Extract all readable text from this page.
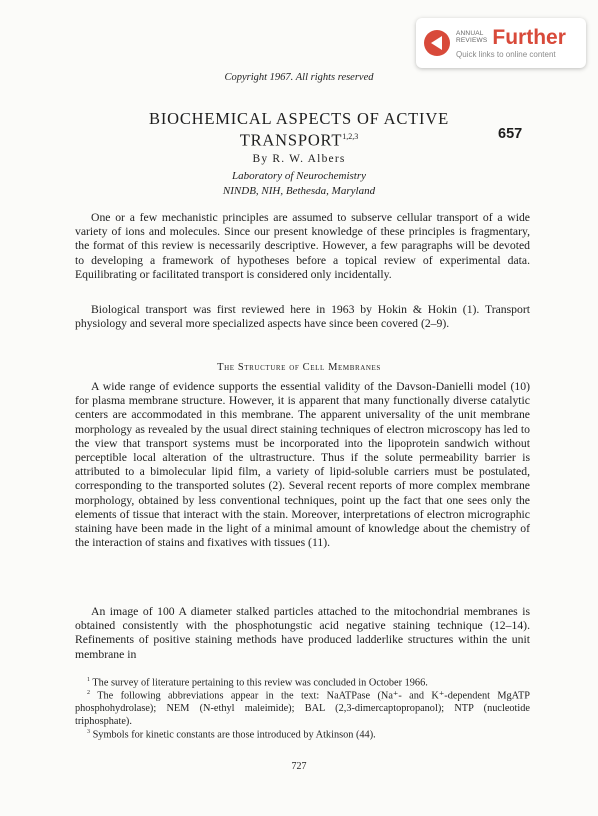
ANNUAL
REVIEWS Further
Quick links to online content
Copyright 1967. All rights reserved
BIOCHEMICAL ASPECTS OF ACTIVE
TRANSPORT$^{1,2,3}$	657
By R. W. Albers
Laboratory of Neurochemistry
NINDB, NIH, Bethesda, Maryland

One or a few mechanistic principles are assumed to subserve cellular transport of a wide variety of ions and molecules. Since our present knowledge of these principles is fragmentary, the format of this review is necessarily descriptive. However, a few paragraphs will be devoted to developing a framework of hypotheses before a topical review of experimental data. Equilibrating or facilitated transport is considered only incidentally.

Biological transport was first reviewed here in 1963 by Hokin & Hokin (1). Transport physiology and several more specialized aspects have since been covered (2–9).

The Structure of Cell Membranes

A wide range of evidence supports the essential validity of the Davson-Danielli model (10) for plasma membrane structure. However, it is apparent that many functionally diverse catalytic centers are accommodated in this membrane. The apparent universality of the unit membrane morphology as revealed by the usual direct staining techniques of electron microscopy has led to the view that transport systems must be incorporated into the lipoprotein sandwich without perceptible local alteration of the ultrastructure. Thus if the solute permeability barrier is attributed to a bimolecular lipid film, a variety of lipid-soluble carriers must be postulated, corresponding to the transported solutes (2). Several recent reports of more complex membrane morphology, obtained by less conventional techniques, point up the fact that one sees only the elements of tissue that interact with the stain. Moreover, interpretations of electron micrographic staining have been made in the light of a minimal amount of knowledge about the chemistry of the interaction of stains and fixatives with tissues (11).

An image of 100 A diameter stalked particles attached to the mitochondrial membranes is obtained consistently with the phosphotungstic acid negative staining technique (12–14). Refinements of positive staining methods have produced ladderlike structures within the unit membrane in

$^1$ The survey of literature pertaining to this review was concluded in October 1966.

$^2$ The following abbreviations appear in the text: NaATPase (Na⁺- and K⁺-dependent MgATP phosphohydrolase); NEM (N-ethyl maleimide); BAL (2,3-dimercaptopropanol); NTP (nucleotide triphosphate).

$^3$ Symbols for kinetic constants are those introduced by Atkinson (44).

727
